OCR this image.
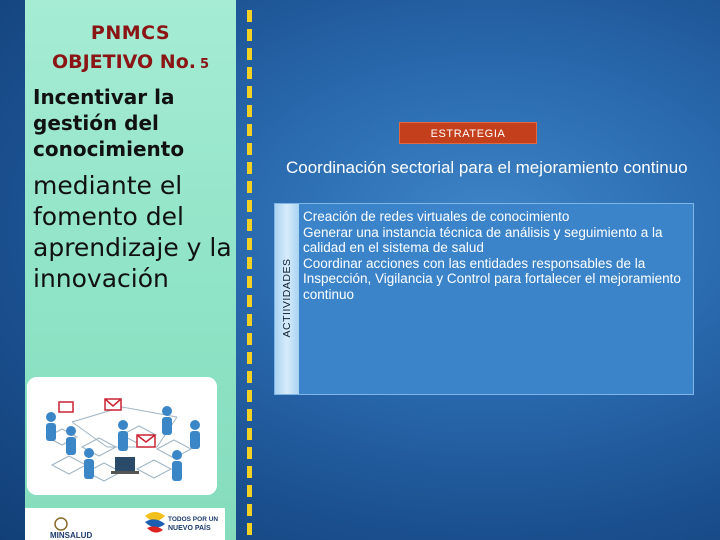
PNMCS
OBJETIVO No. 5
Incentivar la gestión del conocimiento
mediante el fomento del aprendizaje y la innovación
MINSALUD
TODOS POR UN
NUEVO PAÍS
ESTRATEGIA
Coordinación sectorial para el mejoramiento continuo
ACTIIVIDADES
Creación de redes virtuales de conocimiento
Generar una instancia técnica de análisis y seguimiento a la calidad en el sistema de salud
Coordinar acciones con las entidades responsables de la Inspección, Vigilancia y Control para fortalecer el mejoramiento continuo
